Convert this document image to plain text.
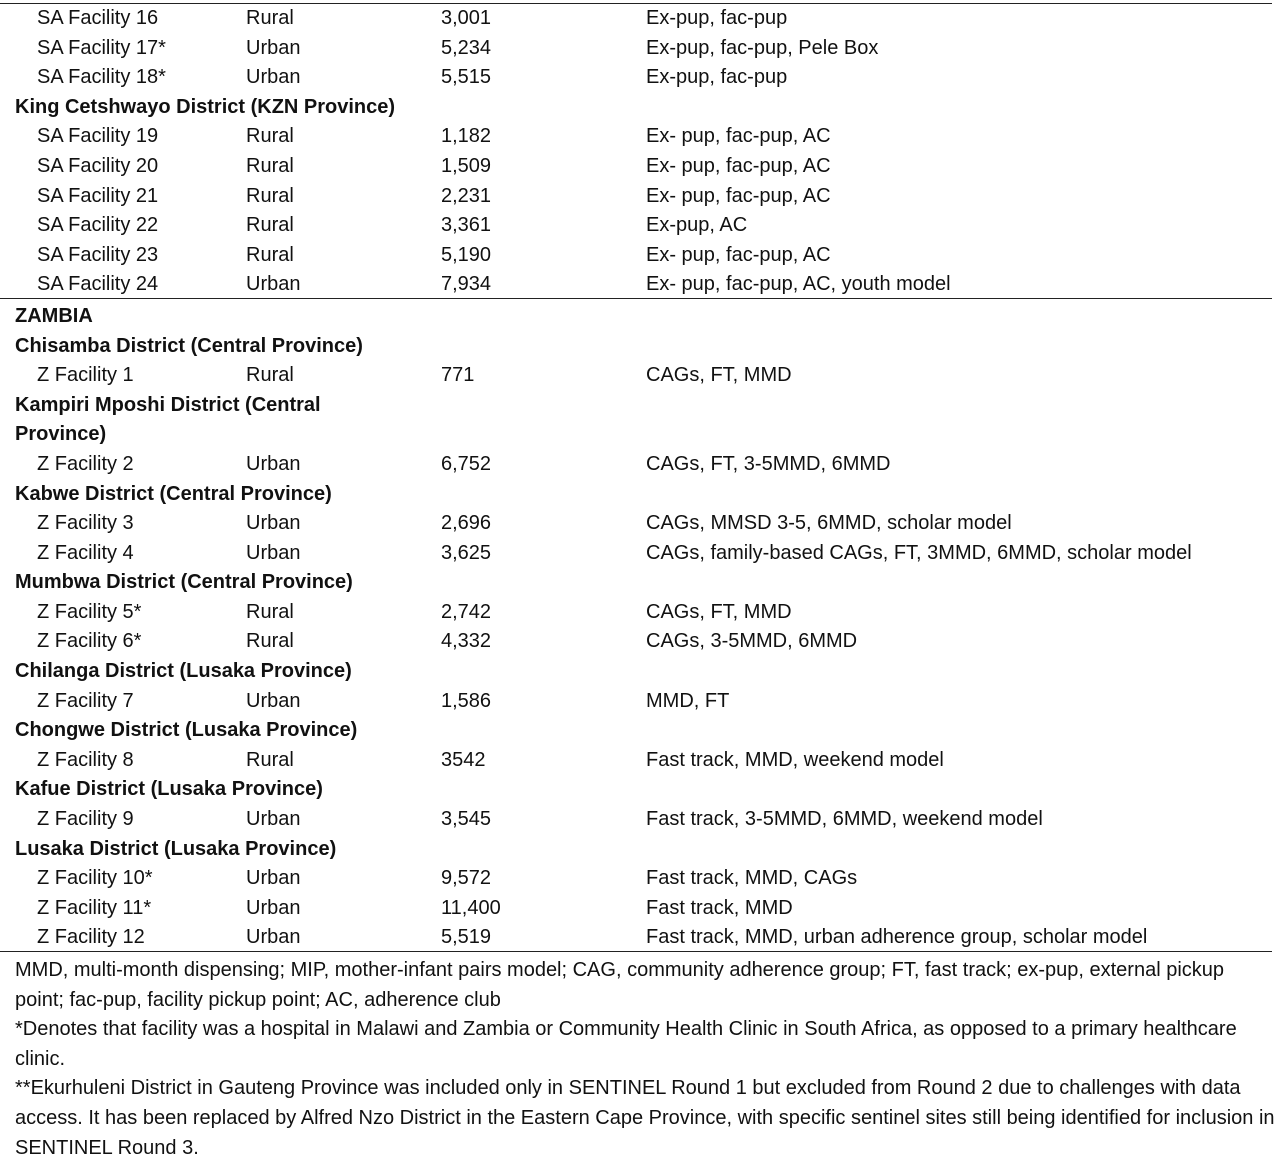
SA Facility 16	Rural	3,001	Ex-pup, fac-pup
SA Facility 17*	Urban	5,234	Ex-pup, fac-pup, Pele Box
SA Facility 18*	Urban	5,515	Ex-pup, fac-pup
King Cetshwayo District (KZN Province)
SA Facility 19	Rural	1,182	Ex- pup, fac-pup, AC
SA Facility 20	Rural	1,509	Ex- pup, fac-pup, AC
SA Facility 21	Rural	2,231	Ex- pup, fac-pup, AC
SA Facility 22	Rural	3,361	Ex-pup, AC
SA Facility 23	Rural	5,190	Ex- pup, fac-pup, AC
SA Facility 24	Urban	7,934	Ex- pup, fac-pup, AC, youth model
ZAMBIA
Chisamba District (Central Province)
Z Facility 1	Rural	771	CAGs, FT, MMD
Kampiri Mposhi District (Central Province)
Z Facility 2	Urban	6,752	CAGs, FT, 3-5MMD, 6MMD
Kabwe District (Central Province)
Z Facility 3	Urban	2,696	CAGs, MMSD 3-5, 6MMD, scholar model
Z Facility 4	Urban	3,625	CAGs, family-based CAGs, FT, 3MMD, 6MMD, scholar model
Mumbwa District (Central Province)
Z Facility 5*	Rural	2,742	CAGs, FT, MMD
Z Facility 6*	Rural	4,332	CAGs, 3-5MMD, 6MMD
Chilanga District (Lusaka Province)
Z Facility 7	Urban	1,586	MMD, FT
Chongwe District (Lusaka Province)
Z Facility 8	Rural	3542	Fast track, MMD, weekend model
Kafue District (Lusaka Province)
Z Facility 9	Urban	3,545	Fast track, 3-5MMD, 6MMD, weekend model
Lusaka District (Lusaka Province)
Z Facility 10*	Urban	9,572	Fast track, MMD, CAGs
Z Facility 11*	Urban	11,400	Fast track, MMD
Z Facility 12	Urban	5,519	Fast track, MMD, urban adherence group, scholar model

MMD, multi-month dispensing; MIP, mother-infant pairs model; CAG, community adherence group; FT, fast track; ex-pup, external pickup point; fac-pup, facility pickup point; AC, adherence club

*Denotes that facility was a hospital in Malawi and Zambia or Community Health Clinic in South Africa, as opposed to a primary healthcare clinic.

**Ekurhuleni District in Gauteng Province was included only in SENTINEL Round 1 but excluded from Round 2 due to challenges with data access. It has been replaced by Alfred Nzo District in the Eastern Cape Province, with specific sentinel sites still being identified for inclusion in SENTINEL Round 3.
